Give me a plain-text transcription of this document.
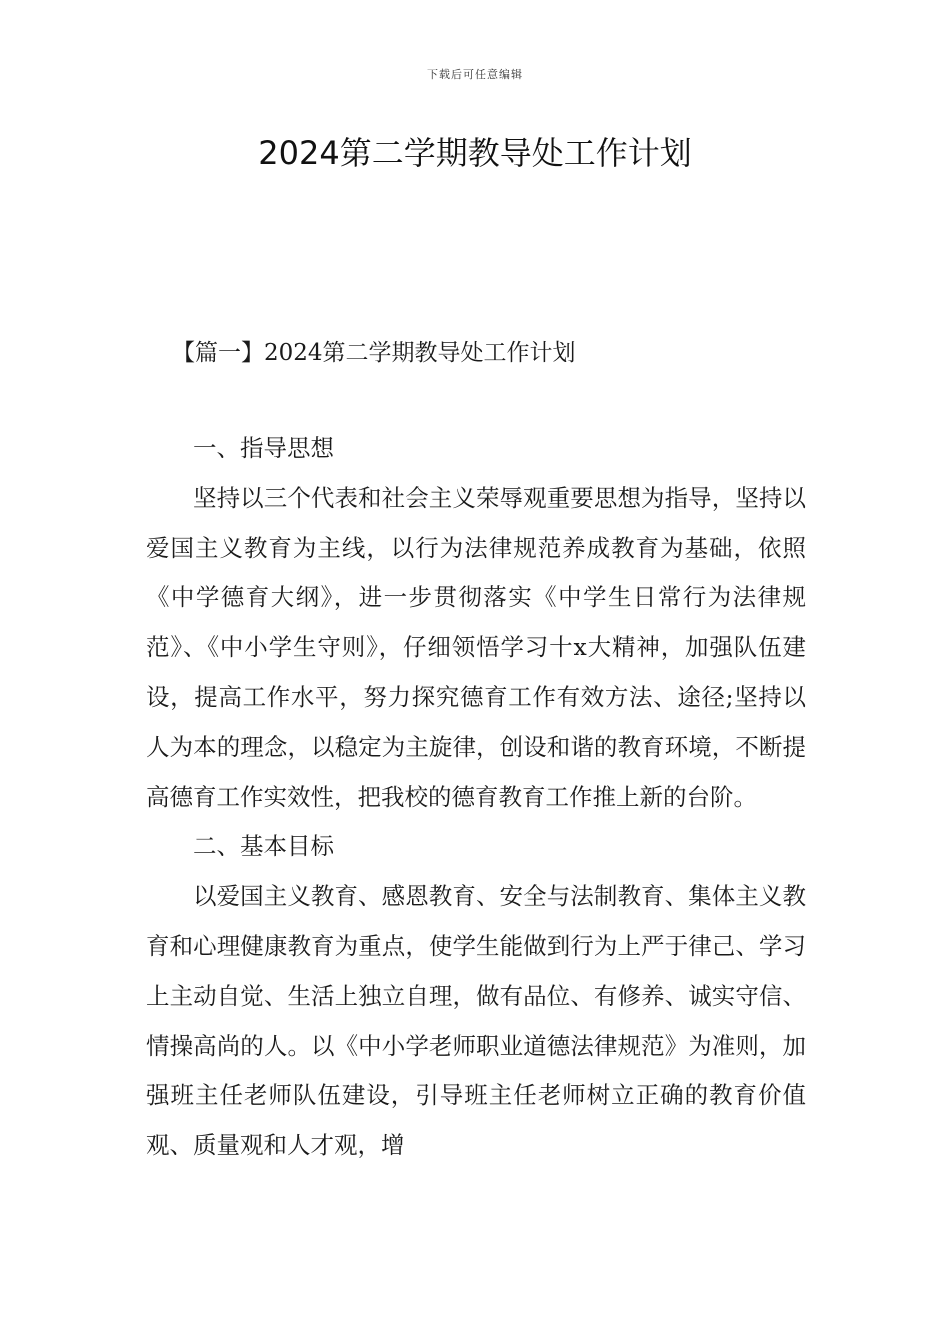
下载后可任意编辑
2024第二学期教导处工作计划
【篇一】2024第二学期教导处工作计划

一、指导思想

坚持以三个代表和社会主义荣辱观重要思想为指导，坚持以爱国主义教育为主线，以行为法律规范养成教育为基础，依照《中学德育大纲》，进一步贯彻落实《中学生日常行为法律规范》、《中小学生守则》，仔细领悟学习十x大精神，加强队伍建设，提高工作水平，努力探究德育工作有效方法、途径;坚持以人为本的理念，以稳定为主旋律，创设和谐的教育环境，不断提高德育工作实效性，把我校的德育教育工作推上新的台阶。

二、基本目标

以爱国主义教育、感恩教育、安全与法制教育、集体主义教育和心理健康教育为重点，使学生能做到行为上严于律己、学习上主动自觉、生活上独立自理，做有品位、有修养、诚实守信、情操高尚的人。以《中小学老师职业道德法律规范》为准则，加强班主任老师队伍建设，引导班主任老师树立正确的教育价值观、质量观和人才观，增
